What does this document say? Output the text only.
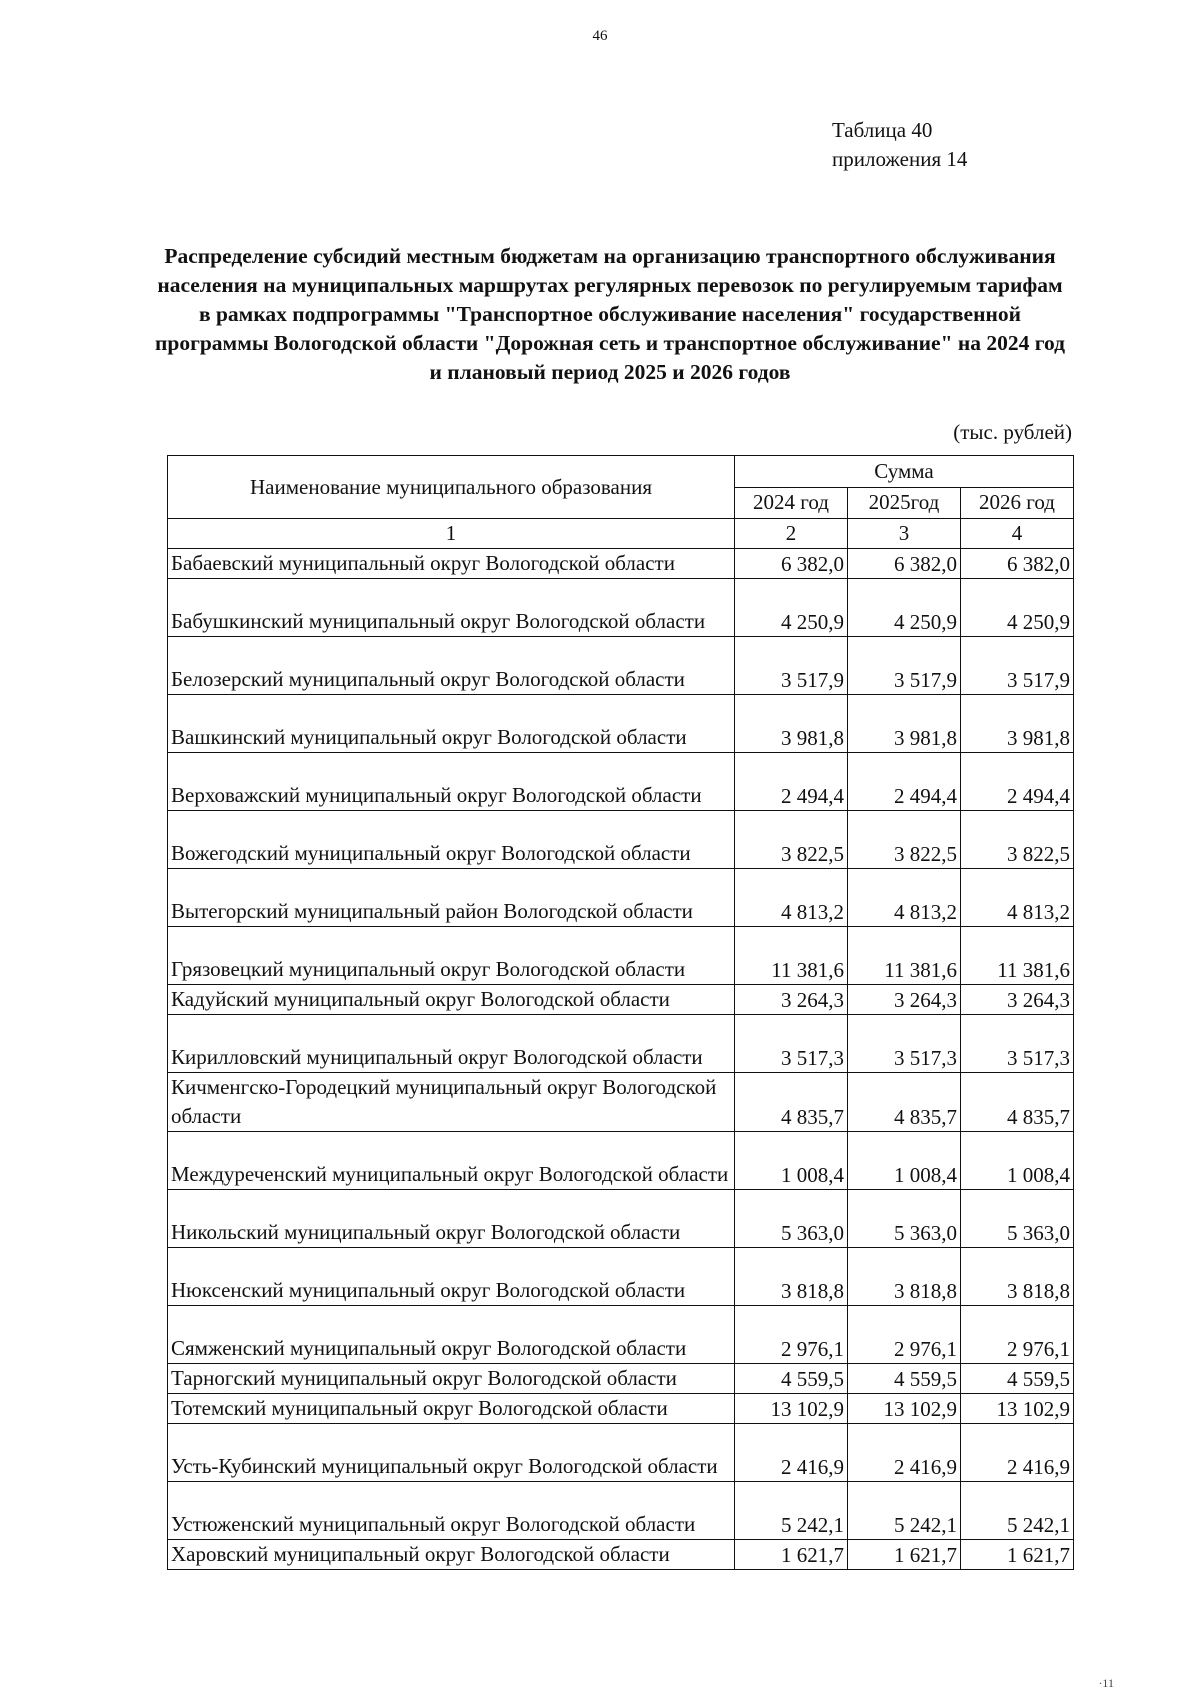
46
Таблица 40
приложения 14
Распределение субсидий местным бюджетам на организацию транспортного обслуживания населения на муниципальных маршрутах регулярных перевозок по регулируемым тарифам в рамках подпрограммы "Транспортное обслуживание населения" государственной программы Вологодской области "Дорожная сеть и транспортное обслуживание" на 2024 год и плановый период 2025 и 2026 годов
(тыс. рублей)
Наименование муниципального образования	Сумма		
	2024 год	2025год	2026 год
1	2	3	4
Бабаевский муниципальный округ Вологодской области	6 382,0	6 382,0	6 382,0
Бабушкинский муниципальный округ Вологодской области	4 250,9	4 250,9	4 250,9
Белозерский муниципальный округ Вологодской области	3 517,9	3 517,9	3 517,9
Вашкинский муниципальный округ Вологодской области	3 981,8	3 981,8	3 981,8
Верховажский муниципальный округ Вологодской области	2 494,4	2 494,4	2 494,4
Вожегодский муниципальный округ Вологодской области	3 822,5	3 822,5	3 822,5
Вытегорский муниципальный район Вологодской области	4 813,2	4 813,2	4 813,2
Грязовецкий муниципальный округ Вологодской области	11 381,6	11 381,6	11 381,6
Кадуйский муниципальный округ Вологодской области	3 264,3	3 264,3	3 264,3
Кирилловский муниципальный округ Вологодской области	3 517,3	3 517,3	3 517,3
Кичменгско-Городецкий муниципальный округ Вологодской области	4 835,7	4 835,7	4 835,7
Междуреченский муниципальный округ Вологодской области	1 008,4	1 008,4	1 008,4
Никольский муниципальный округ Вологодской области	5 363,0	5 363,0	5 363,0
Нюксенский муниципальный округ Вологодской области	3 818,8	3 818,8	3 818,8
Сямженский муниципальный округ Вологодской области	2 976,1	2 976,1	2 976,1
Тарногский муниципальный округ Вологодской области	4 559,5	4 559,5	4 559,5
Тотемский муниципальный округ Вологодской области	13 102,9	13 102,9	13 102,9
Усть-Кубинский муниципальный округ Вологодской области	2 416,9	2 416,9	2 416,9
Устюженский муниципальный округ Вологодской области	5 242,1	5 242,1	5 242,1
Харовский муниципальный округ Вологодской области	1 621,7	1 621,7	1 621,7
·11
